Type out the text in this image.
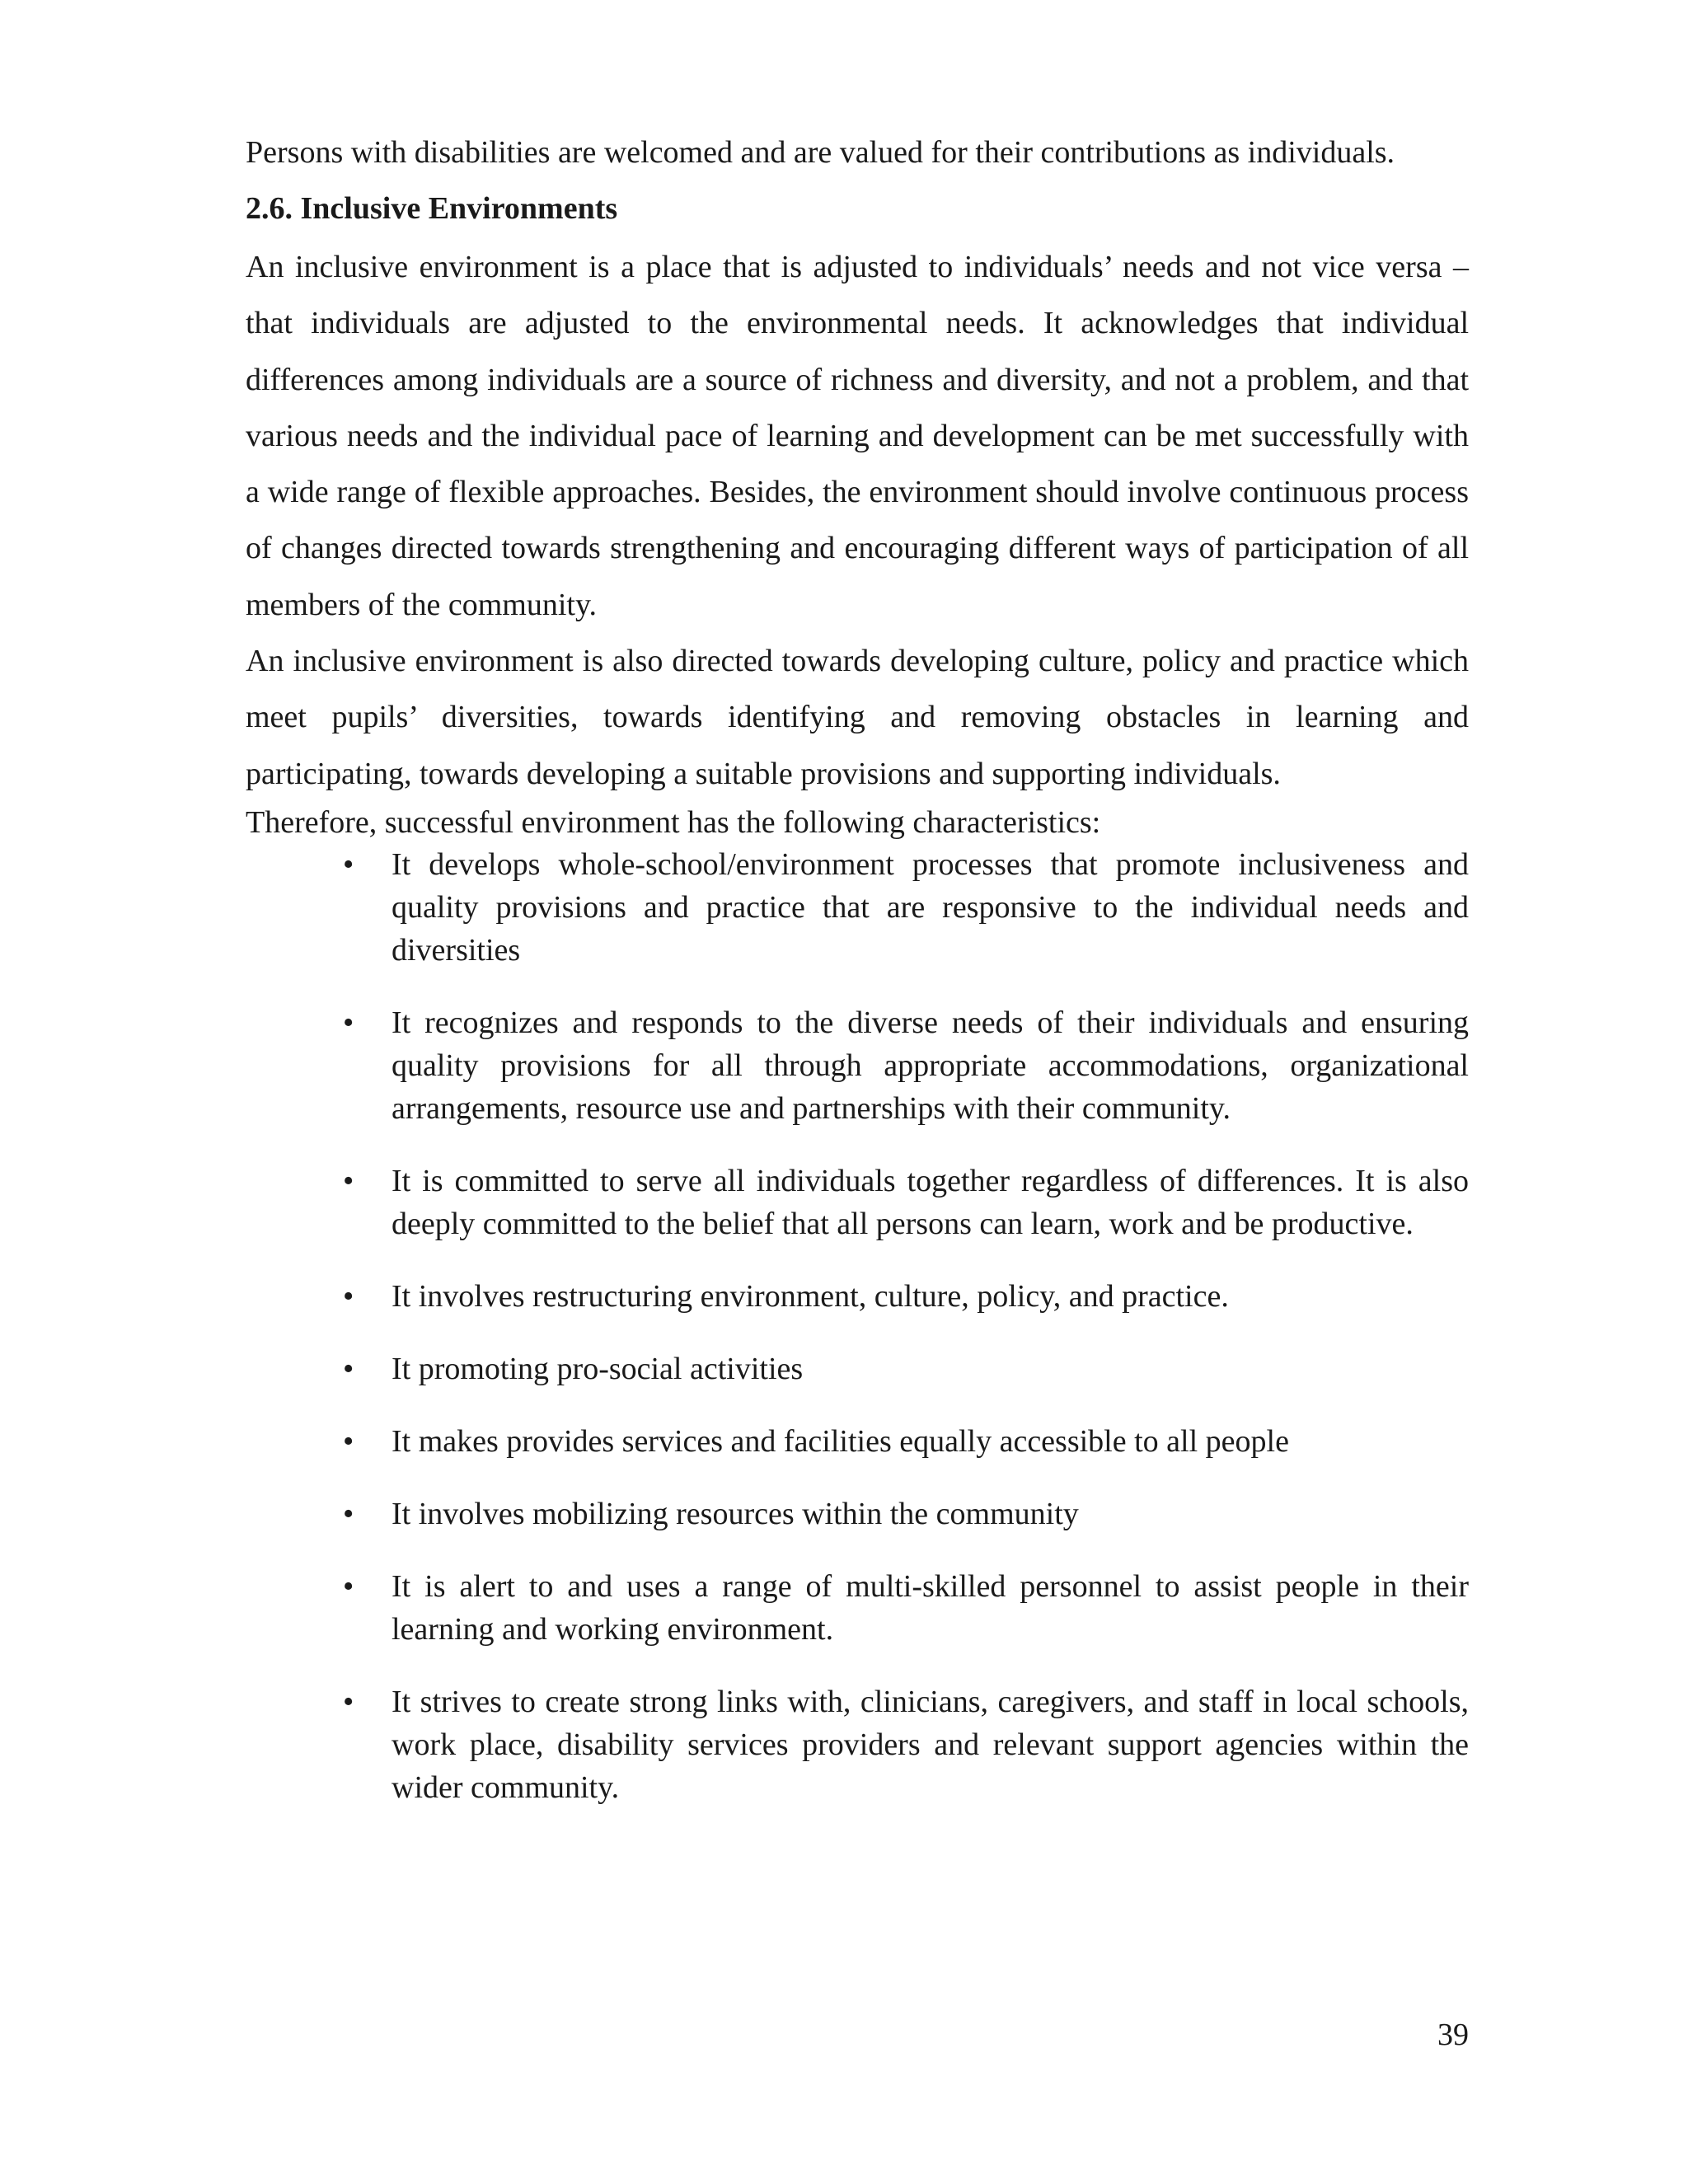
Persons with disabilities are welcomed and are valued for their contributions as individuals.

2.6. Inclusive Environments

An inclusive environment is a place that is adjusted to individuals’ needs and not vice versa – that individuals are adjusted to the environmental needs. It acknowledges that individual differences among individuals are a source of richness and diversity, and not a problem, and that various needs and the individual pace of learning and development can be met successfully with a wide range of flexible approaches. Besides, the environment should involve continuous process of changes directed towards strengthening and encouraging different ways of participation of all members of the community.

An inclusive environment is also directed towards developing culture, policy and practice which meet pupils’ diversities, towards identifying and removing obstacles in learning and participating, towards developing a suitable provisions and supporting individuals.

Therefore, successful environment has the following characteristics:

•	It develops whole-school/environment processes that promote inclusiveness and quality provisions and practice that are responsive to the individual needs and diversities
•	It recognizes and responds to the diverse needs of their individuals and ensuring quality provisions for all through appropriate accommodations, organizational arrangements, resource use and partnerships with their community.
•	It is committed to serve all individuals together regardless of differences. It is also deeply committed to the belief that all persons can learn, work and be productive.
•	It involves restructuring environment, culture, policy, and practice.
•	It promoting pro-social activities
•	It makes provides services and facilities equally accessible to all people
•	It involves mobilizing resources within the community
•	It is alert to and uses a range of multi-skilled personnel to assist people in their learning and working environment.
•	It strives to create strong links with, clinicians, caregivers, and staff in local schools, work place, disability services providers and relevant support agencies within the wider community.
39
